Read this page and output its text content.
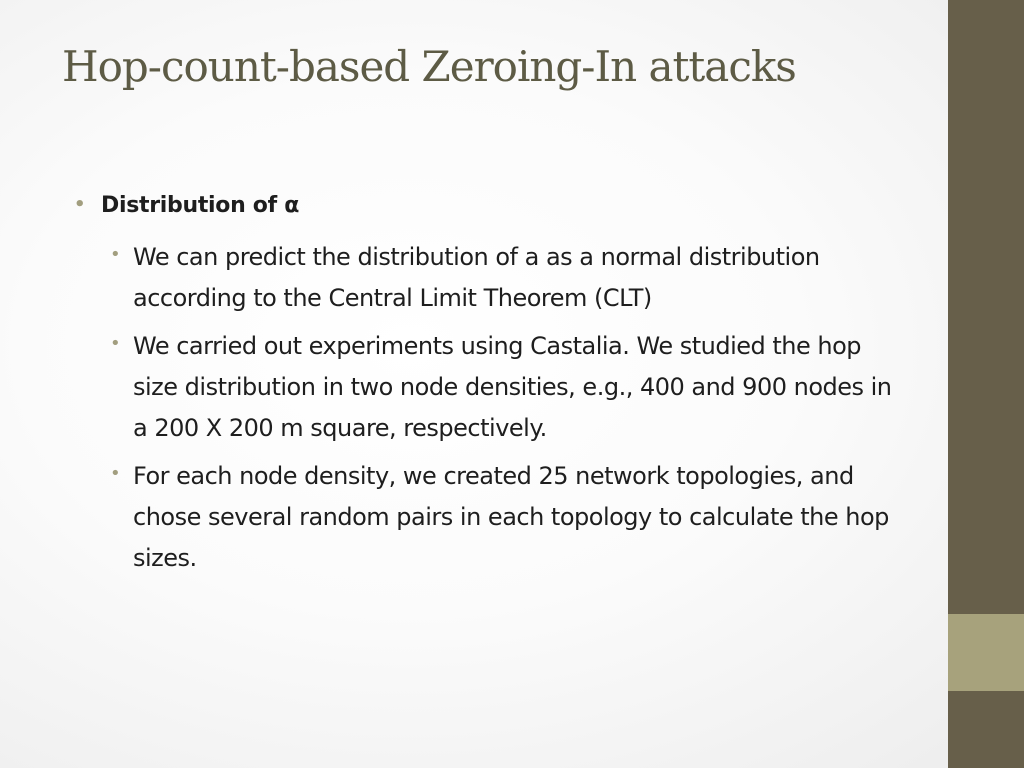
Hop-count-based Zeroing-In attacks
• Distribution of α
• We can predict the distribution of a as a normal distribution according to the Central Limit Theorem (CLT)
• We carried out experiments using Castalia. We studied the hop size distribution in two node densities, e.g., 400 and 900 nodes in a 200 X 200 m square, respectively.
• For each node density, we created 25 network topologies, and chose several random pairs in each topology to calculate the hop sizes.
